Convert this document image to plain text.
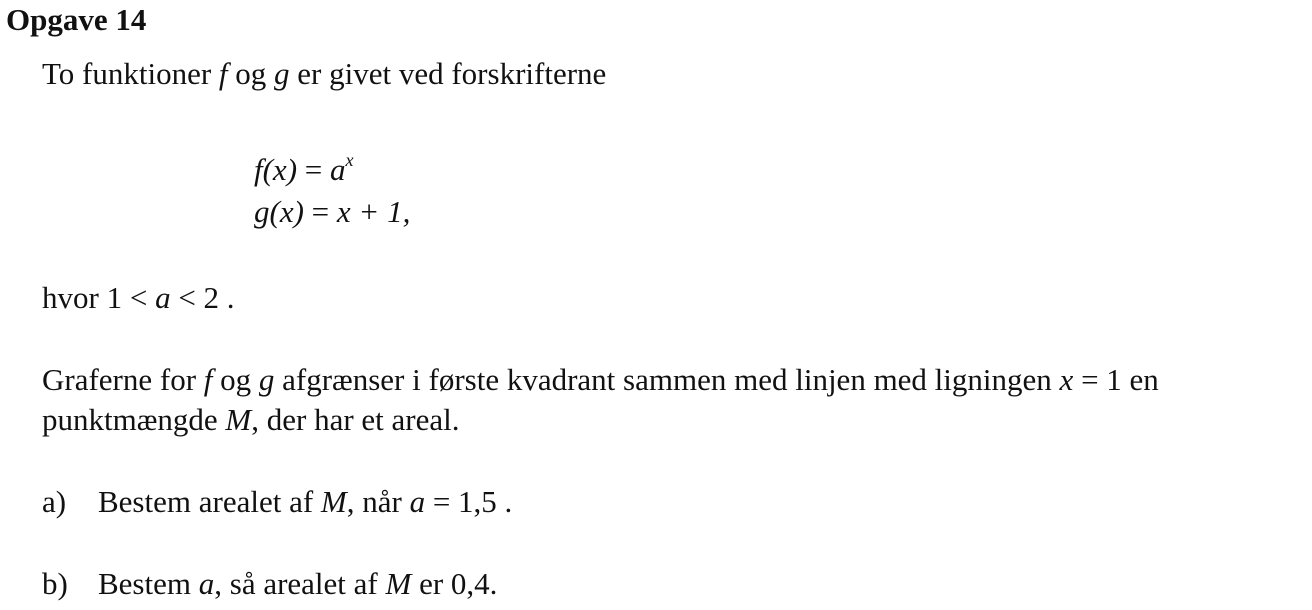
Opgave 14
To funktioner f og g er givet ved forskrifterne
$f(x) = a^x$
g(x) = x + 1,
hvor 1 < a < 2 .
Graferne for f og g afgrænser i første kvadrant sammen med linjen med ligningen x = 1 en
punktmængde M, der har et areal.
a) Bestem arealet af M, når a = 1,5 .
b) Bestem a, så arealet af M er 0,4.
